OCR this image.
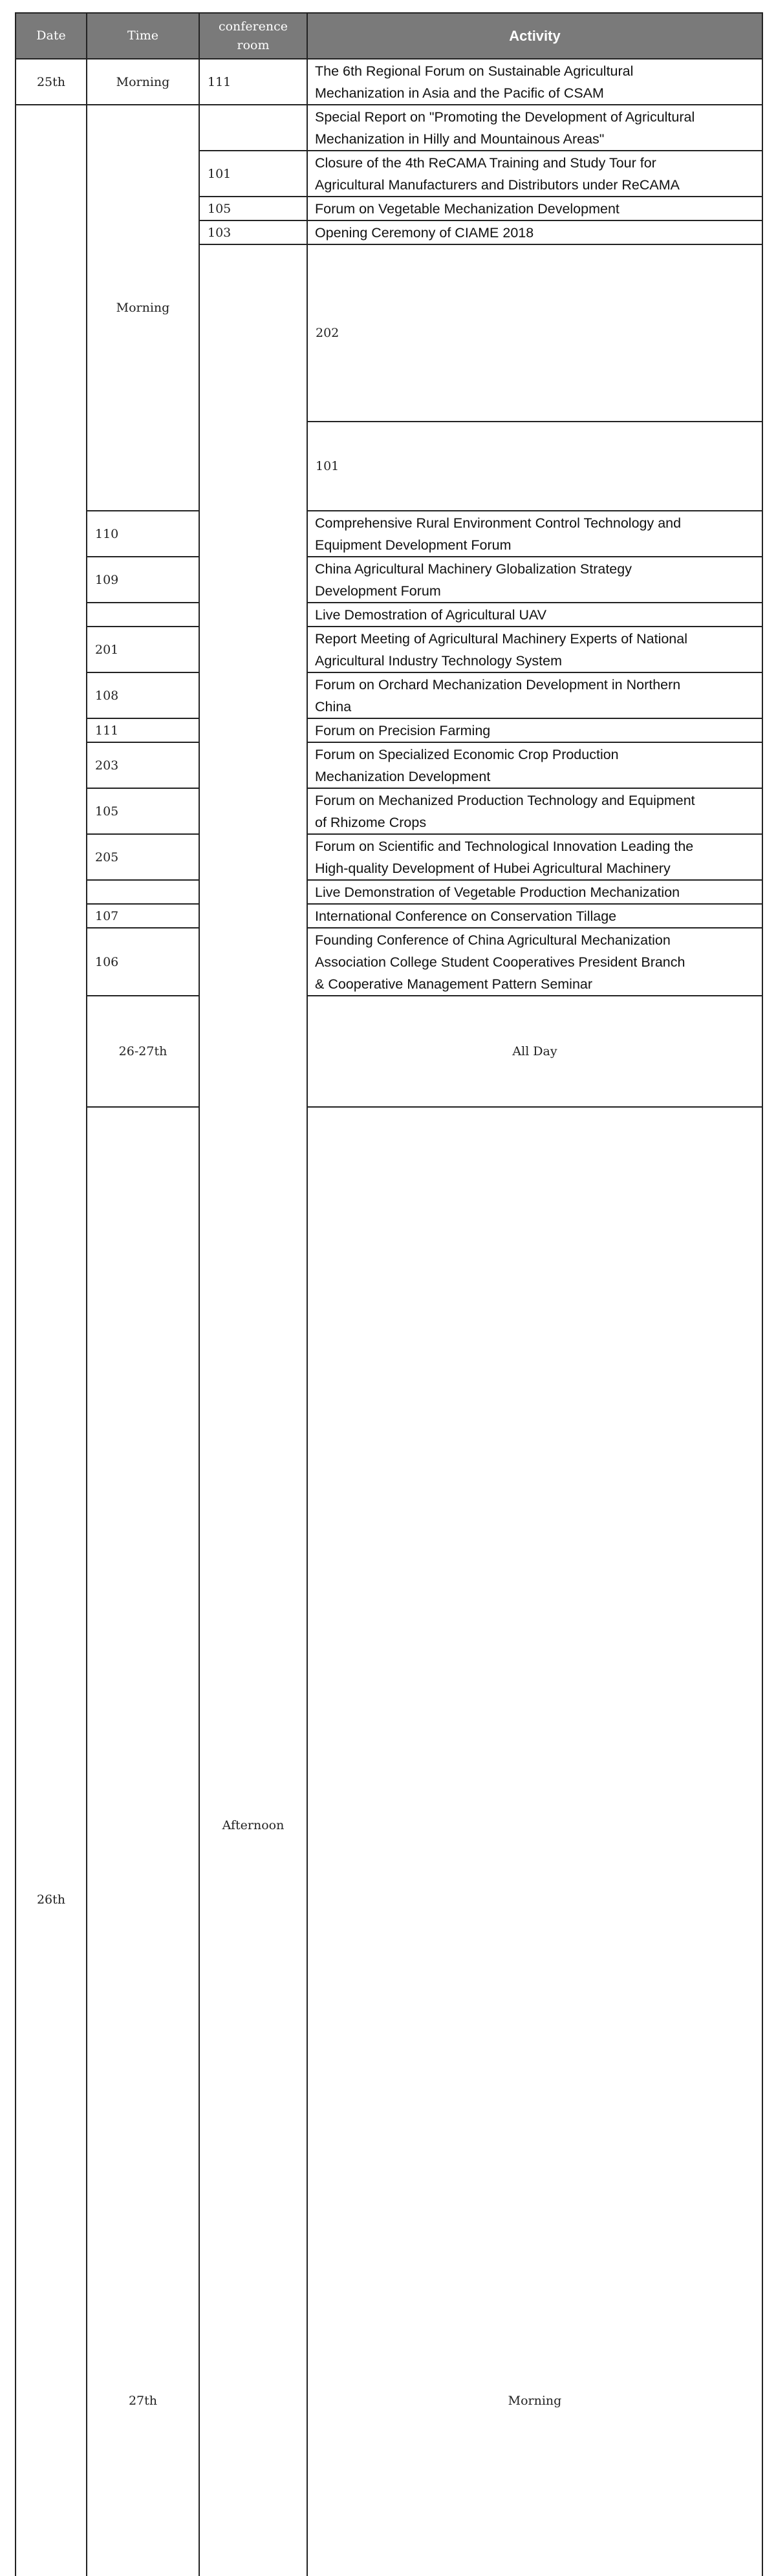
Date	Time	conference
room	Activity	
25th	Morning	111	The 6th Regional Forum on Sustainable Agricultural
Mechanization in Asia and the Pacific of CSAM	
26th	Morning		Special Report on "Promoting the Development of Agricultural
Mechanization in Hilly and Mountainous Areas"	
		101	Closure of the 4th ReCAMA Training and Study Tour for
Agricultural Manufacturers and Distributors under ReCAMA	
		105	Forum on Vegetable Mechanization Development	
		103	Opening Ceremony of CIAME 2018	
		Afternoon	202	
			101	
	110		Comprehensive Rural Environment Control Technology and
Equipment Development Forum	
	109		China Agricultural Machinery Globalization Strategy
Development Forum	
			Live Demostration of Agricultural UAV	
	201		Report Meeting of Agricultural Machinery Experts of National
Agricultural Industry Technology System	
	108		Forum on Orchard Mechanization Development in Northern
China	
	111		Forum on Precision Farming	
	203		Forum on Specialized Economic Crop Production
Mechanization Development	
	105		Forum on Mechanized Production Technology and Equipment
of Rhizome Crops	
	205		Forum on Scientific and Technological Innovation Leading the
High-quality Development of Hubei Agricultural Machinery	
			Live Demonstration of Vegetable Production Mechanization	
	107		International Conference on Conservation Tillage	
	106		Founding Conference of China Agricultural Mechanization
Association College Student Cooperatives President Branch
& Cooperative Management Pattern Seminar	
	26-27th		All Day		
	27th		Morning		
